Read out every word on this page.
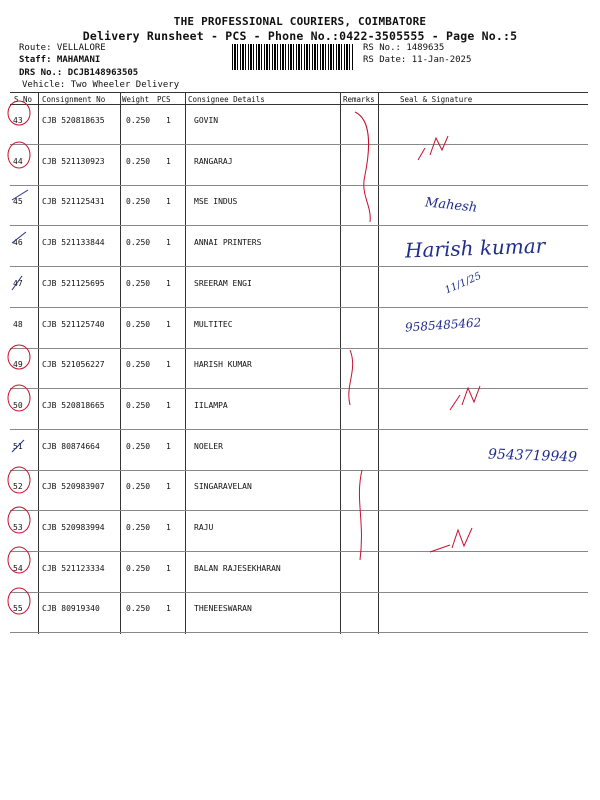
THE PROFESSIONAL COURIERS, COIMBATORE
Delivery Runsheet - PCS - Phone No.:0422-3505555 - Page No.:5
Route: VELLALORE
Staff: MAHAMANI
DRS No.: DCJB148963505
Vehicle: Two Wheeler Delivery
RS No.: 1489635
RS Date: 11-Jan-2025
S No Consignment No Weight PCS Consignee Details	Remarks	Seal & Signature
43 CJB 520818635	0.250 1	GOVIN
44 CJB 521130923	0.250 1	RANGARAJ
45 CJB 521125431	0.250 1	MSE INDUS
46 CJB 521133844	0.250 1	ANNAI PRINTERS
47 CJB 521125695	0.250 1	SREERAM ENGI
48 CJB 521125740	0.250 1	MULTITEC
49 CJB 521056227	0.250 1	HARISH KUMAR
50 CJB 520818665	0.250 1	IILAMPA
51 CJB 80874664	0.250 1	NOELER
52 CJB 520983907	0.250 1	SINGARAVELAN
53 CJB 520983994	0.250 1	RAJU
54 CJB 521123334	0.250 1	BALAN RAJESEKHARAN
55 CJB 80919340	0.250 1	THENEESWARAN
Mahesh
Harish kumar
11/1/25
9585485462
9543719949
